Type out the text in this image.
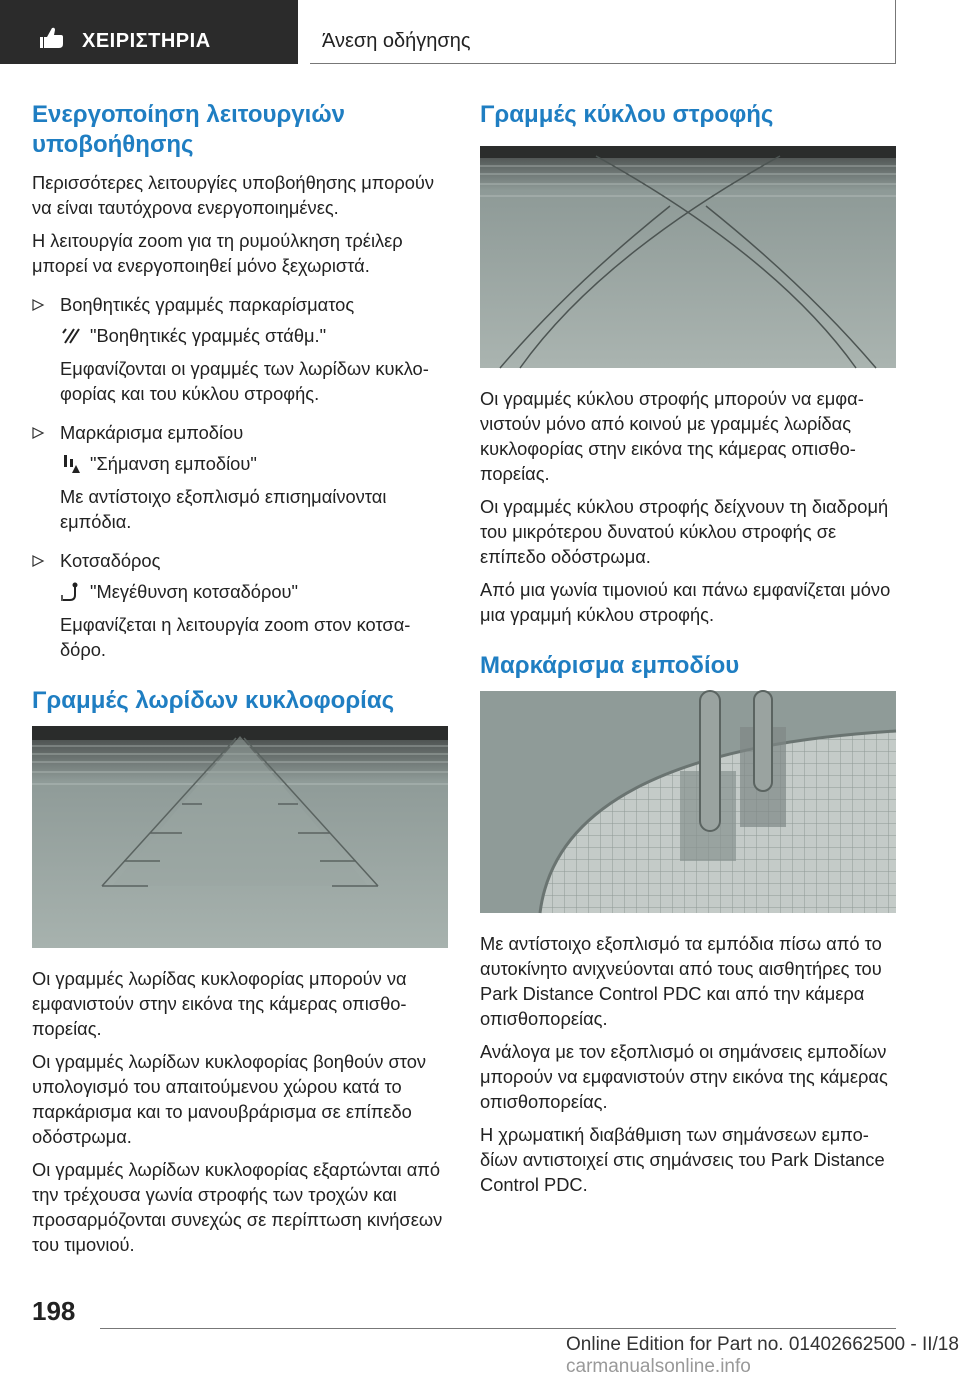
ΧΕΙΡΙΣΤΗΡΙΑ	Άνεση οδήγησης
Ενεργοποίηση λειτουργιών υποβοήθησης

Περισσότερες λειτουργίες υποβοήθησης μπορούν να είναι ταυτόχρονα ενεργοποιημένες.

Η λειτουργία zoom για τη ρυμούλκηση τρέιλερ μπορεί να ενεργοποιηθεί μόνο ξεχωριστά.

Βοηθητικές γραμμές παρκαρίσματος
"Βοηθητικές γραμμές στάθμ."

Εμφανίζονται οι γραμμές των λωρίδων κυκλοφορίας και του κύκλου στροφής.

Μαρκάρισμα εμποδίου
"Σήμανση εμποδίου"

Με αντίστοιχο εξοπλισμό επισημαίνονται εμπόδια.

Κοτσαδόρος
"Μεγέθυνση κοτσαδόρου"

Εμφανίζεται η λειτουργία zoom στον κοτσαδόρο.

Γραμμές λωρίδων κυκλοφορίας

Οι γραμμές λωρίδας κυκλοφορίας μπορούν να εμφανιστούν στην εικόνα της κάμερας οπισθοπορείας.

Οι γραμμές λωρίδων κυκλοφορίας βοηθούν στον υπολογισμό του απαιτούμενου χώρου κατά το παρκάρισμα και το μανουβράρισμα σε επίπεδο οδόστρωμα.

Οι γραμμές λωρίδων κυκλοφορίας εξαρτώνται από την τρέχουσα γωνία στροφής των τροχών και προσαρμόζονται συνεχώς σε περίπτωση κινήσεων του τιμονιού.

Γραμμές κύκλου στροφής

Οι γραμμές κύκλου στροφής μπορούν να εμφανιστούν μόνο από κοινού με γραμμές λωρίδας κυκλοφορίας στην εικόνα της κάμερας οπισθοπορείας.

Οι γραμμές κύκλου στροφής δείχνουν τη διαδρομή του μικρότερου δυνατού κύκλου στροφής σε επίπεδο οδόστρωμα.

Από μια γωνία τιμονιού και πάνω εμφανίζεται μόνο μια γραμμή κύκλου στροφής.

Μαρκάρισμα εμποδίου

Με αντίστοιχο εξοπλισμό τα εμπόδια πίσω από το αυτοκίνητο ανιχνεύονται από τους αισθητήρες του Park Distance Control PDC και από την κάμερα οπισθοπορείας.

Ανάλογα με τον εξοπλισμό οι σημάνσεις εμποδίων μπορούν να εμφανιστούν στην εικόνα της κάμερας οπισθοπορείας.

Η χρωματική διαβάθμιση των σημάνσεων εμποδίων αντιστοιχεί στις σημάνσεις του Park Distance Control PDC.

198
Online Edition for Part no. 01402662500 - II/18 carmanualsonline.info
